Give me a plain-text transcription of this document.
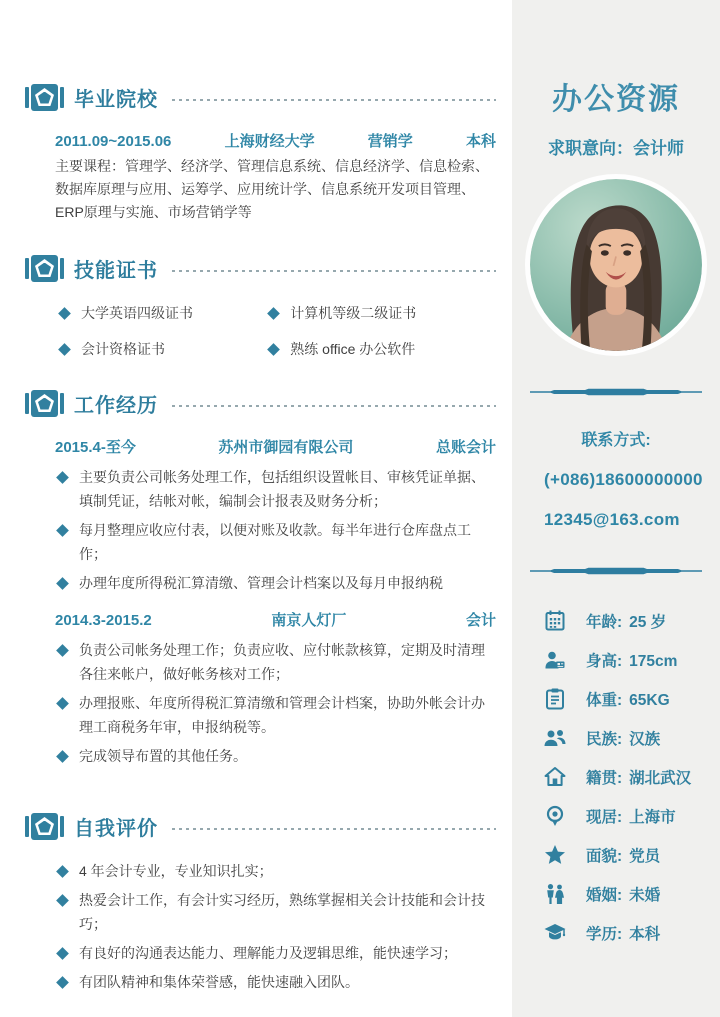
毕业院校
2011.09~2015.06	上海财经大学	营销学	本科

主要课程：管理学、经济学、管理信息系统、信息经济学、信息检索、数据库原理与应用、运筹学、应用统计学、信息系统开发项目管理、ERP原理与实施、市场营销学等

技能证书
大学英语四级证书
会计资格证书
计算机等级二级证书
熟练 office 办公软件
工作经历
2015.4-至今	苏州市御园有限公司	总账会计
主要负责公司帐务处理工作，包括组织设置帐目、审核凭证单据、填制凭证，结帐对帐，编制会计报表及财务分析；
每月整理应收应付表，以便对账及收款。每半年进行仓库盘点工作；
办理年度所得税汇算清缴、管理会计档案以及每月申报纳税
2014.3-2015.2	南京人灯厂	会计
负责公司帐务处理工作；负责应收、应付帐款核算，定期及时清理各往来帐户，做好帐务核对工作；
办理报账、年度所得税汇算清缴和管理会计档案，协助外帐会计办理工商税务年审，申报纳税等。
完成领导布置的其他任务。
自我评价
4 年会计专业，专业知识扎实；
热爱会计工作，有会计实习经历，熟练掌握相关会计技能和会计技巧；
有良好的沟通表达能力、理解能力及逻辑思维，能快速学习；
有团队精神和集体荣誉感，能快速融入团队。
办公资源
求职意向：会计师
联系方式:
(+086)18600000000
12345@163.com
年龄: 25 岁
身高: 175cm
体重: 65KG
民族: 汉族
籍贯: 湖北武汉
现居: 上海市
面貌: 党员
婚姻: 未婚
学历: 本科
